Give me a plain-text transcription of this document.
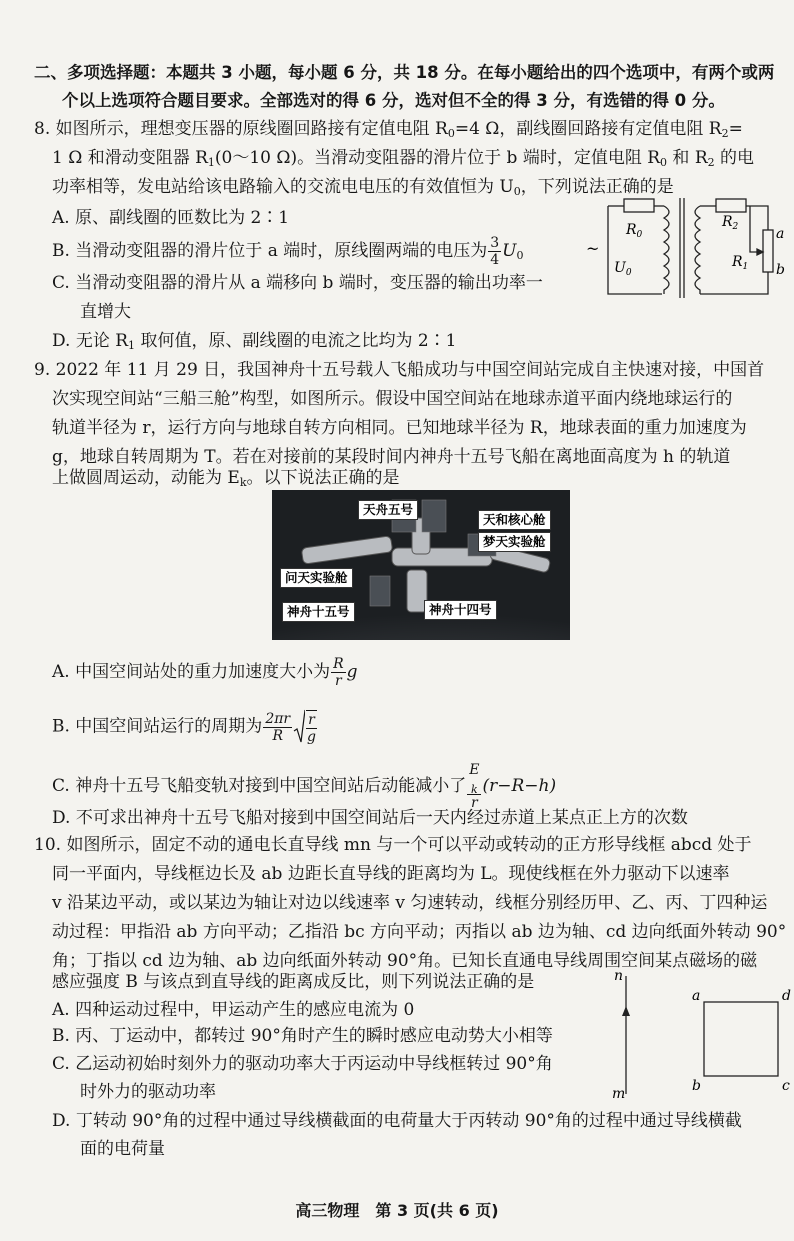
二、多项选择题：本题共 3 小题，每小题 6 分，共 18 分。在每小题给出的四个选项中，有两个或两
个以上选项符合题目要求。全部选对的得 6 分，选对但不全的得 3 分，有选错的得 0 分。
8. 如图所示，理想变压器的原线圈回路接有定值电阻 $R_0=4$ Ω，副线圈回路接有定值电阻 $R_2=$
1 Ω 和滑动变阻器 $R_1(0\sim 10$ Ω)。当滑动变阻器的滑片位于 b 端时，定值电阻 $R_0$ 和 $R_2$ 的电
功率相等，发电站给该电路输入的交流电电压的有效值恒为 $U_0$，下列说法正确的是
A. 原、副线圈的匝数比为 2∶1
B. 当滑动变阻器的滑片位于 a 端时，原线圈两端的电压为 $\frac{3}{4} U_0$
C. 当滑动变阻器的滑片从 a 端移向 b 端时，变压器的输出功率一
直增大
D. 无论 $R_1$ 取何值，原、副线圈的电流之比均为 2∶1
~
$R_0$
$U_0$
$R_2$
$R_1$
a
b
9. 2022 年 11 月 29 日，我国神舟十五号载人飞船成功与中国空间站完成自主快速对接，中国首
次实现空间站“三船三舱”构型，如图所示。假设中国空间站在地球赤道平面内绕地球运行的
轨道半径为 r，运行方向与地球自转方向相同。已知地球半径为 R，地球表面的重力加速度为
g，地球自转周期为 T。若在对接前的某段时间内神舟十五号飞船在离地面高度为 h 的轨道
上做圆周运动，动能为 $E_k$。以下说法正确的是
天舟五号
天和核心舱
梦天实验舱
问天实验舱
神舟十五号	神舟十四号
A. 中国空间站处的重力加速度大小为 $\frac{R}{r}$ g
B. 中国空间站运行的周期为 $\frac{2\pi r}{R} \frac{r}{g}$
C. 神舟十五号飞船变轨对接到中国空间站后动能减小了 E
$_k$
r (r−R−h)
D. 不可求出神舟十五号飞船对接到中国空间站后一天内经过赤道上某点正上方的次数
10. 如图所示，固定不动的通电长直导线 mn 与一个可以平动或转动的正方形导线框 abcd 处于
同一平面内，导线框边长及 ab 边距长直导线的距离均为 L。现使线框在外力驱动下以速率
v 沿某边平动，或以某边为轴让对边以线速率 v 匀速转动，线框分别经历甲、乙、丙、丁四种运
动过程：甲指沿 ab 方向平动；乙指沿 bc 方向平动；丙指以 ab 边为轴、cd 边向纸面外转动 90°
角；丁指以 cd 边为轴、ab 边向纸面外转动 90°角。已知长直通电导线周围空间某点磁场的磁
感应强度 B 与该点到直导线的距离成反比，则下列说法正确的是
A. 四种运动过程中，甲运动产生的感应电流为 0
B. 丙、丁运动中，都转过 90°角时产生的瞬时感应电动势大小相等
C. 乙运动初始时刻外力的驱动功率大于丙运动中导线框转过 90°角
时外力的驱动功率
D. 丁转动 90°角的过程中通过导线横截面的电荷量大于丙转动 90°角的过程中通过导线横截
面的电荷量
n
m
a	d
b	c
高三物理　第 3 页(共 6 页)
